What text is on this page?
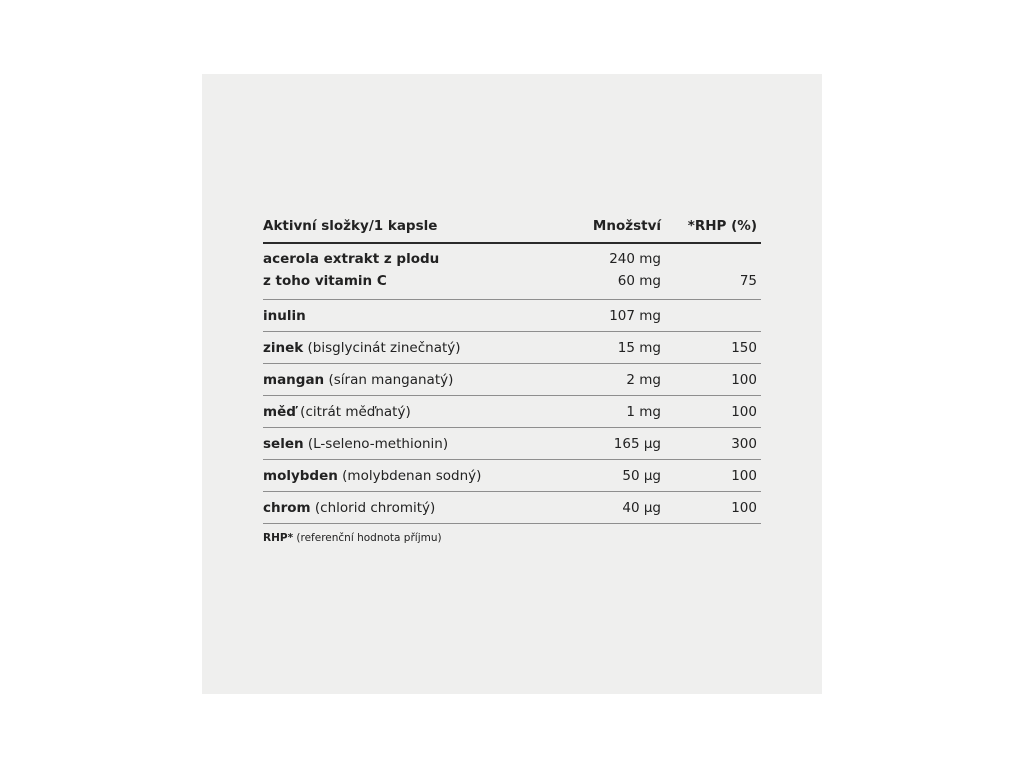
Aktivní složky/1 kapsle	Množství *RHP (%)
acerola extrakt z plodu	240 mg
z toho vitamin C	60 mg	75
inulin	107 mg
zinek (bisglycinát zinečnatý)	15 mg	150
mangan (síran manganatý)	2 mg	100
měď (citrát měďnatý)	1 mg	100
selen (L-seleno-methionin)	165 µg	300
molybden (molybdenan sodný)	50 µg	100
chrom (chlorid chromitý)	40 µg	100
RHP* (referenční hodnota příjmu)
